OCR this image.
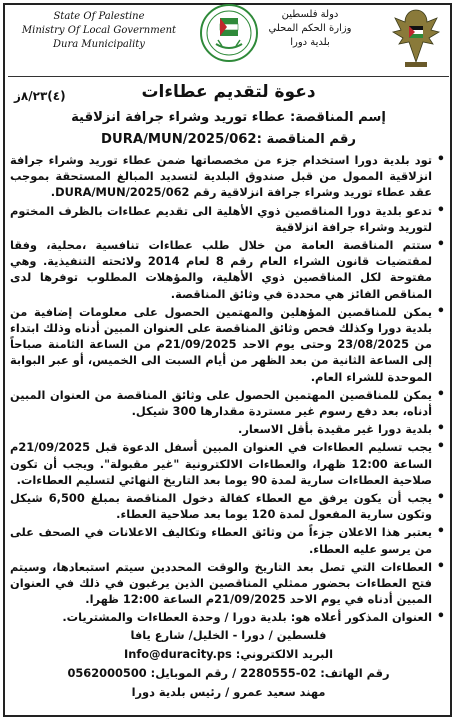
State Of Palestine
Ministry Of Local Government
Dura Municipality
دولة فلسطين
وزارة الحكم المحلي
بلدية دورا
(٤)٨/٢٣ز	دعوة لتقديم عطاءات
إسم المناقصة: عطاء توريد وشراء جرافة انزلاقية
رقم المناقصة :DURA/MUN/2025/062
• تود بلدية دورا استخدام جزء من مخصصاتها ضمن عطاء توريد وشراء جرافة انزلاقية الممول من قبل صندوق البلدية لتسديد المبالغ المستحقة بموجب عقد عطاء توريد وشراء جرافة انزلاقية رقم DURA/MUN/2025/062.
• تدعو بلدية دورا المناقصين ذوي الأهلية الى تقديم عطاءات بالظرف المختوم لتوريد وشراء جرافة انزلاقية
• ستتم المناقصة العامة من خلال طلب عطاءات تنافسية ،محلية، وفقا لمقتضيات قانون الشراء العام رقم 8 لعام 2014 ولائحته التنفيذية. وهي مفتوحة لكل المناقصين ذوي الأهلية، والمؤهلات المطلوب توفرها لدى المناقص الفائز هي محددة في وثائق المناقصة.
• يمكن للمناقصين المؤهلين والمهتمين الحصول على معلومات إضافية من بلدية دورا وكذلك فحص وثائق المناقصة على العنوان المبين أدناه وذلك ابتداء من 23/08/2025 وحتى يوم الاحد 21/09/2025م من الساعة الثامنة صباحاً إلى الساعة الثانية من بعد الظهر من أيام السبت الى الخميس، أو عبر البوابة الموحدة للشراء العام.
• يمكن للمناقصين المهتمين الحصول على وثائق المناقصة من العنوان المبين أدناه، بعد دفع رسوم غير مستردة مقدارها 300 شيكل.
• بلدية دورا غير مقيدة بأقل الاسعار.
• يجب تسليم العطاءات في العنوان المبين أسفل الدعوة قبل 21/09/2025م الساعة 12:00 ظهرا، والعطاءات الالكترونية "غير مقبولة". ويجب أن تكون صلاحية العطاءات سارية لمدة 90 يوما بعد التاريخ النهائي لتسليم العطاءات.
• يجب أن يكون يرفق مع العطاء كفالة دخول المناقصة بمبلغ 6,500 شيكل وتكون سارية المفعول لمدة 120 يوما بعد صلاحية العطاء.
• يعتبر هذا الاعلان جزءاً من وثائق العطاء وتكاليف الاعلانات في الصحف على من يرسو عليه العطاء.
• العطاءات التي تصل بعد التاريخ والوقت المحددين سيتم استبعادها، وسيتم فتح العطاءات بحضور ممثلي المناقصين الذين يرغبون في ذلك في العنوان المبين أدناه في يوم الاحد 21/09/2025م الساعة 12:00 ظهرا.
• العنوان المذكور أعلاه هو: بلدية دورا / وحدة العطاءات والمشتريات.
فلسطين / دورا - الخليل/ شارع يافا
البريد الالكتروني: Info@duracity.ps
رقم الهاتف: 02-2280555 / رقم الموبايل: 0562000500
مهند سعيد عمرو / رئيس بلدية دورا
